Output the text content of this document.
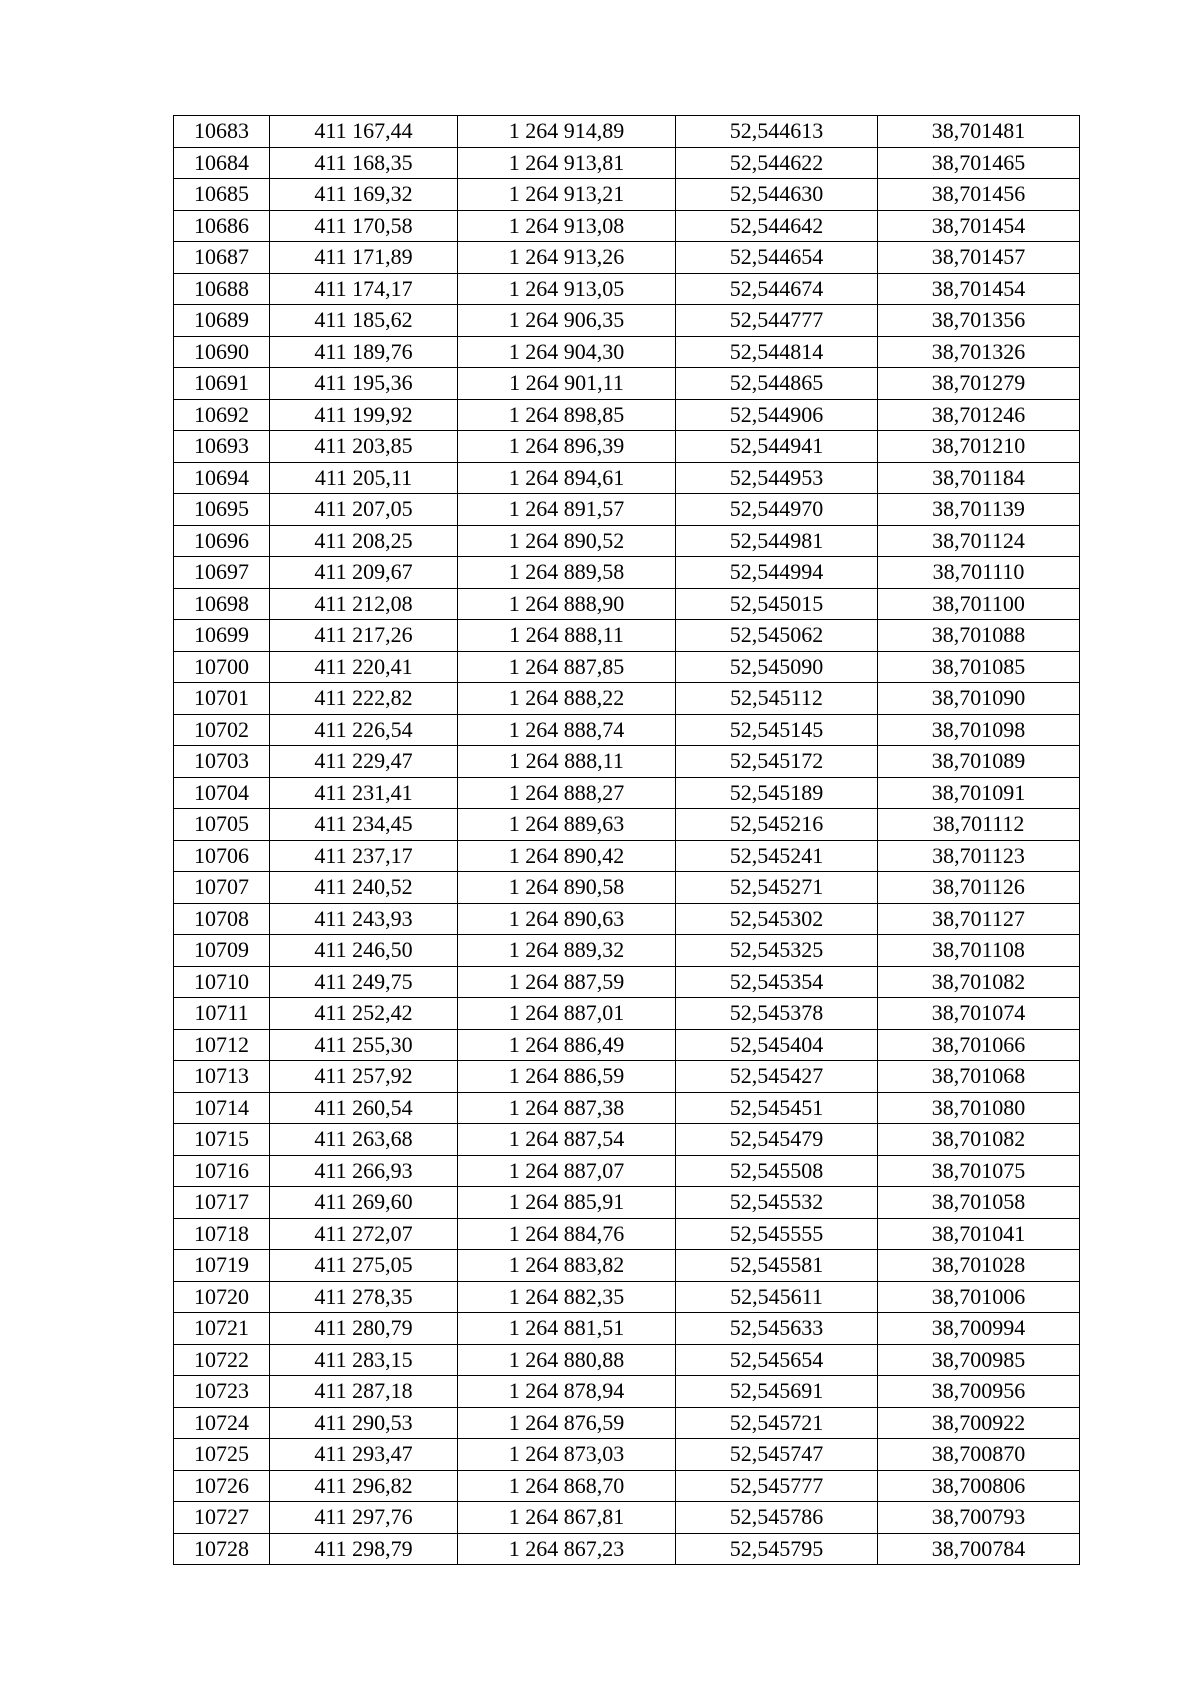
10683	411 167,44	1 264 914,89	52,544613	38,701481
10684	411 168,35	1 264 913,81	52,544622	38,701465
10685	411 169,32	1 264 913,21	52,544630	38,701456
10686	411 170,58	1 264 913,08	52,544642	38,701454
10687	411 171,89	1 264 913,26	52,544654	38,701457
10688	411 174,17	1 264 913,05	52,544674	38,701454
10689	411 185,62	1 264 906,35	52,544777	38,701356
10690	411 189,76	1 264 904,30	52,544814	38,701326
10691	411 195,36	1 264 901,11	52,544865	38,701279
10692	411 199,92	1 264 898,85	52,544906	38,701246
10693	411 203,85	1 264 896,39	52,544941	38,701210
10694	411 205,11	1 264 894,61	52,544953	38,701184
10695	411 207,05	1 264 891,57	52,544970	38,701139
10696	411 208,25	1 264 890,52	52,544981	38,701124
10697	411 209,67	1 264 889,58	52,544994	38,701110
10698	411 212,08	1 264 888,90	52,545015	38,701100
10699	411 217,26	1 264 888,11	52,545062	38,701088
10700	411 220,41	1 264 887,85	52,545090	38,701085
10701	411 222,82	1 264 888,22	52,545112	38,701090
10702	411 226,54	1 264 888,74	52,545145	38,701098
10703	411 229,47	1 264 888,11	52,545172	38,701089
10704	411 231,41	1 264 888,27	52,545189	38,701091
10705	411 234,45	1 264 889,63	52,545216	38,701112
10706	411 237,17	1 264 890,42	52,545241	38,701123
10707	411 240,52	1 264 890,58	52,545271	38,701126
10708	411 243,93	1 264 890,63	52,545302	38,701127
10709	411 246,50	1 264 889,32	52,545325	38,701108
10710	411 249,75	1 264 887,59	52,545354	38,701082
10711	411 252,42	1 264 887,01	52,545378	38,701074
10712	411 255,30	1 264 886,49	52,545404	38,701066
10713	411 257,92	1 264 886,59	52,545427	38,701068
10714	411 260,54	1 264 887,38	52,545451	38,701080
10715	411 263,68	1 264 887,54	52,545479	38,701082
10716	411 266,93	1 264 887,07	52,545508	38,701075
10717	411 269,60	1 264 885,91	52,545532	38,701058
10718	411 272,07	1 264 884,76	52,545555	38,701041
10719	411 275,05	1 264 883,82	52,545581	38,701028
10720	411 278,35	1 264 882,35	52,545611	38,701006
10721	411 280,79	1 264 881,51	52,545633	38,700994
10722	411 283,15	1 264 880,88	52,545654	38,700985
10723	411 287,18	1 264 878,94	52,545691	38,700956
10724	411 290,53	1 264 876,59	52,545721	38,700922
10725	411 293,47	1 264 873,03	52,545747	38,700870
10726	411 296,82	1 264 868,70	52,545777	38,700806
10727	411 297,76	1 264 867,81	52,545786	38,700793
10728	411 298,79	1 264 867,23	52,545795	38,700784
